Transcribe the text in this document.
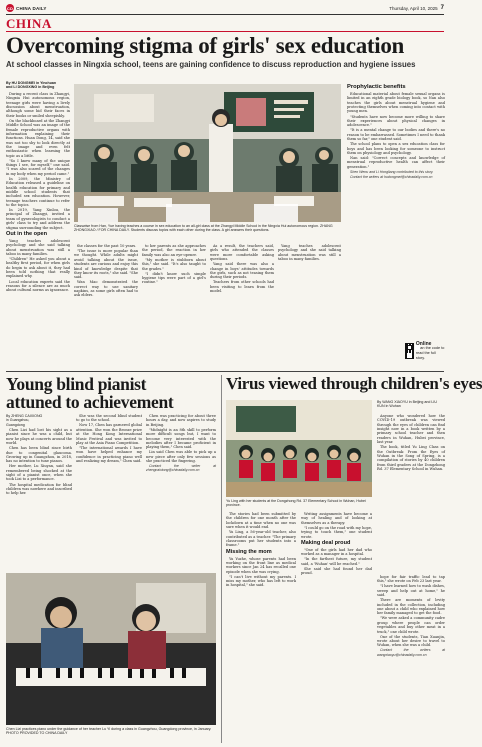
CD CHINA DAILY	Thursday, April 10, 2025 7
CHINA
Overcoming stigma of girls' sex education
At school classes in Ningxia school, teens are gaining confidence to discuss reproduction and hygiene issues
By HU DONGMEI in Yinchuan
and LI DONGXING in Beijing

During a recent class in Zhangyi, Ningxia Hui autonomous region, teenage girls were having a lively discussion about menstruation, although some hid their faces in their books or smiled sheepishly.

On the blackboard at the Zhangyi Middle School was an image of the female reproductive organs with information explaining their functions. Huan Dong, 14, said she was not too shy to look directly at the image and even felt enthusiastic when learning the topic as a little.

"So I knew many of the unique things I see, for myself," one said. "I was also scared of the changes in my body when my period came."

In 2009, the Ministry of Education released a guideline on health education for primary and middle school students that included sex education. However, teenage teachers continue to refer to the topics.

In 2019, Yang Xinlou, the principal of Zhangyi, invited a team of gynecologists to conduct a girls' class to try and address the stigma surrounding the subject.

Out in the open

Yang teaches adolescent psychology and she said talking about menstruation was still a taboo in many families.

"Children" He asked you about a healthy first period, for when girls do begin to ask about it, they had been told nothing that really explained why.

Local education experts said the reasons for a silence are as much about cultural norms as ignorance.

Classwise from Han, Yue having teaches a course in sex education to an all-girl class at the Zhangyi Middle School in the Ningxia Hui autonomous region. ZHANG ZHONGXIAO / FOR CHINA DAILY. Students discuss topics with each other during the class. A girl answers their questions.

the classes for the past 10 years.

"The issue is more popular than we thought. While adults might avoid talking about the issue, students are curious and enjoy this kind of knowledge despite that they know its roots," she said. "She said.

Wan Mao demonstrated the correct way to use sanitary napkins, as some girls often had to ask elders.

to her parents as she approaches the period, the reaction in her family was also an eye-opener.

"My mother is stubborn about this," she said. "It's also taught to the grades."

"I didn't know such simple hygiene tips were part of a girl's routine."

As a result, the teachers said, girls who attended the classes were more comfortable asking questions.

Yang said there was also a change in boys' attitudes towards the girls, such as not teasing them during their periods.

Teachers from other schools had been visiting to learn from the model.

Yang teaches adolescent psychology and she said talking about menstruation was still a taboo in many families.

Prophylactic benefits

Educational material about female sexual organs is limited in an eighth grade biology book, so Nan also teaches the girls about menstrual hygiene and protecting themselves when coming into contact with young men.

"Students have now become more willing to share their experiences about physical changes in adolescence."

"It is a mental change to our bodies and there's no reason to be embarrassed. Sometimes I need to thank them so far," one student said.

The school plans to open a sex education class for boys and has been looking for someone to instruct them on physiology and psychology.

Nan said: "Correct concepts and knowledge of menstrual reproductive health can affect their generation."

Shen Wenu and Li Hongliang contributed to this story.

Contact the writers at hudongmei@chinadaily.com.cn

Online
Scan the code to read the full story.
Young blind pianist
attuned to achievement
By ZHENG CAIXIONG in Guangzhou, Guangdong

Chen Lizi had lost his sight as a pianist since he was a child, but now he plays at concerts around the world.

Chen has been blind since birth due to congenital glaucoma. Growing up in Guangzhou, in 2018, has no intention to tune pianos.

Her mother, Lu Xiuyan, said she remembered being shocked at the sight of a pianist once, when she took Lizi to a performance.

The hospital medication for blind children was nowhere and inscribed to help her.

She was the second blind student to go to the school.

Now 17, Chen has garnered global attention. She won the Bronze prize at the Hong Kong International Music Festival and was invited to play at the Asia Piano Competition.

"The international awards I have won have helped enhance my confidence in practicing piano well and realizing my dream," Chen said.

Chen was practicing for about three hours a day, and now aspires to study in Beijing.

"Midnight is an 8th skill to perform more difficult songs but, I want to become very interested with the melodies after I became proficient in playing them," Chen said.

Lin said Chen was able to pick up a new piece after only few sessions as she practiced the fingering.

Contact the writer at zhengcaixiong@chinadaily.com.cn

Chen Lizi practices piano under the guidance of her teacher Lu Yi during a class in Guangzhou, Guangdong province, in January. PHOTO PROVIDED TO CHINA DAILY
Virus viewed through children's eyes
By WANG XIAOYU in Beijing and LIU KUN in Wuhan

Anyone who wondered how the COVID-19 outbreak was viewed through the eyes of children can find insight now in a book written by a primary school teacher and then readers in Wuhan, Hubei province, last year.

The book, titled Yu Ling Class on the Outbreak: From the Eyes of Wuhan in the Song of Spring, is a compilation of stories by 40 children from third graders at the Dongzhong Rd. 37 Elementary School in Wuhan.

Yu Ling with her students at the Dongzhong Rd. 37 Elementary School in Wuhan, Hubei province.

The stories had been submitted by the children for one month after the lockdown at a time when no one was sure when it would end.

Yu Ling, a 56-year-old teacher, also contributed as a teacher. "The primary classrooms put her students into a frame."

Missing the mom

Yu Yuzhe, whose parents had been working on the front line as medical workers since Jan 24 has recalled one episode when she was crying.

"I can't live without my parents. I miss my mother, who has left to work in hospital," she said.

Writing assignments have become a way of healing and of looking at themselves as a therapy.

"I could go on the road with my hope, trying to touch them," one student wrote.

Making deal proud

"One of the girls had her dad who worked as a manager in a hospital.

"In the farthest future, my student said, a 'Wuhan' will be reached."

She said she had found her dad proud.

hope for fair traffic lead to tap this," she wrote on Feb 23 last year.

"I have learned how to wash dishes, sweep and help out at home," he said.

There are moments of levity included in the collection, including one about a child who explained how her family managed to get the food.

"We were asked a community cadre group where people can order vegetables and buy other meat in a truck," one child wrote.

One of the students, Tian Xuanjin, wrote about her desire to travel to Wuhan, when she was a child.

Contact the writers at wangxiaoyu@chinadaily.com.cn
